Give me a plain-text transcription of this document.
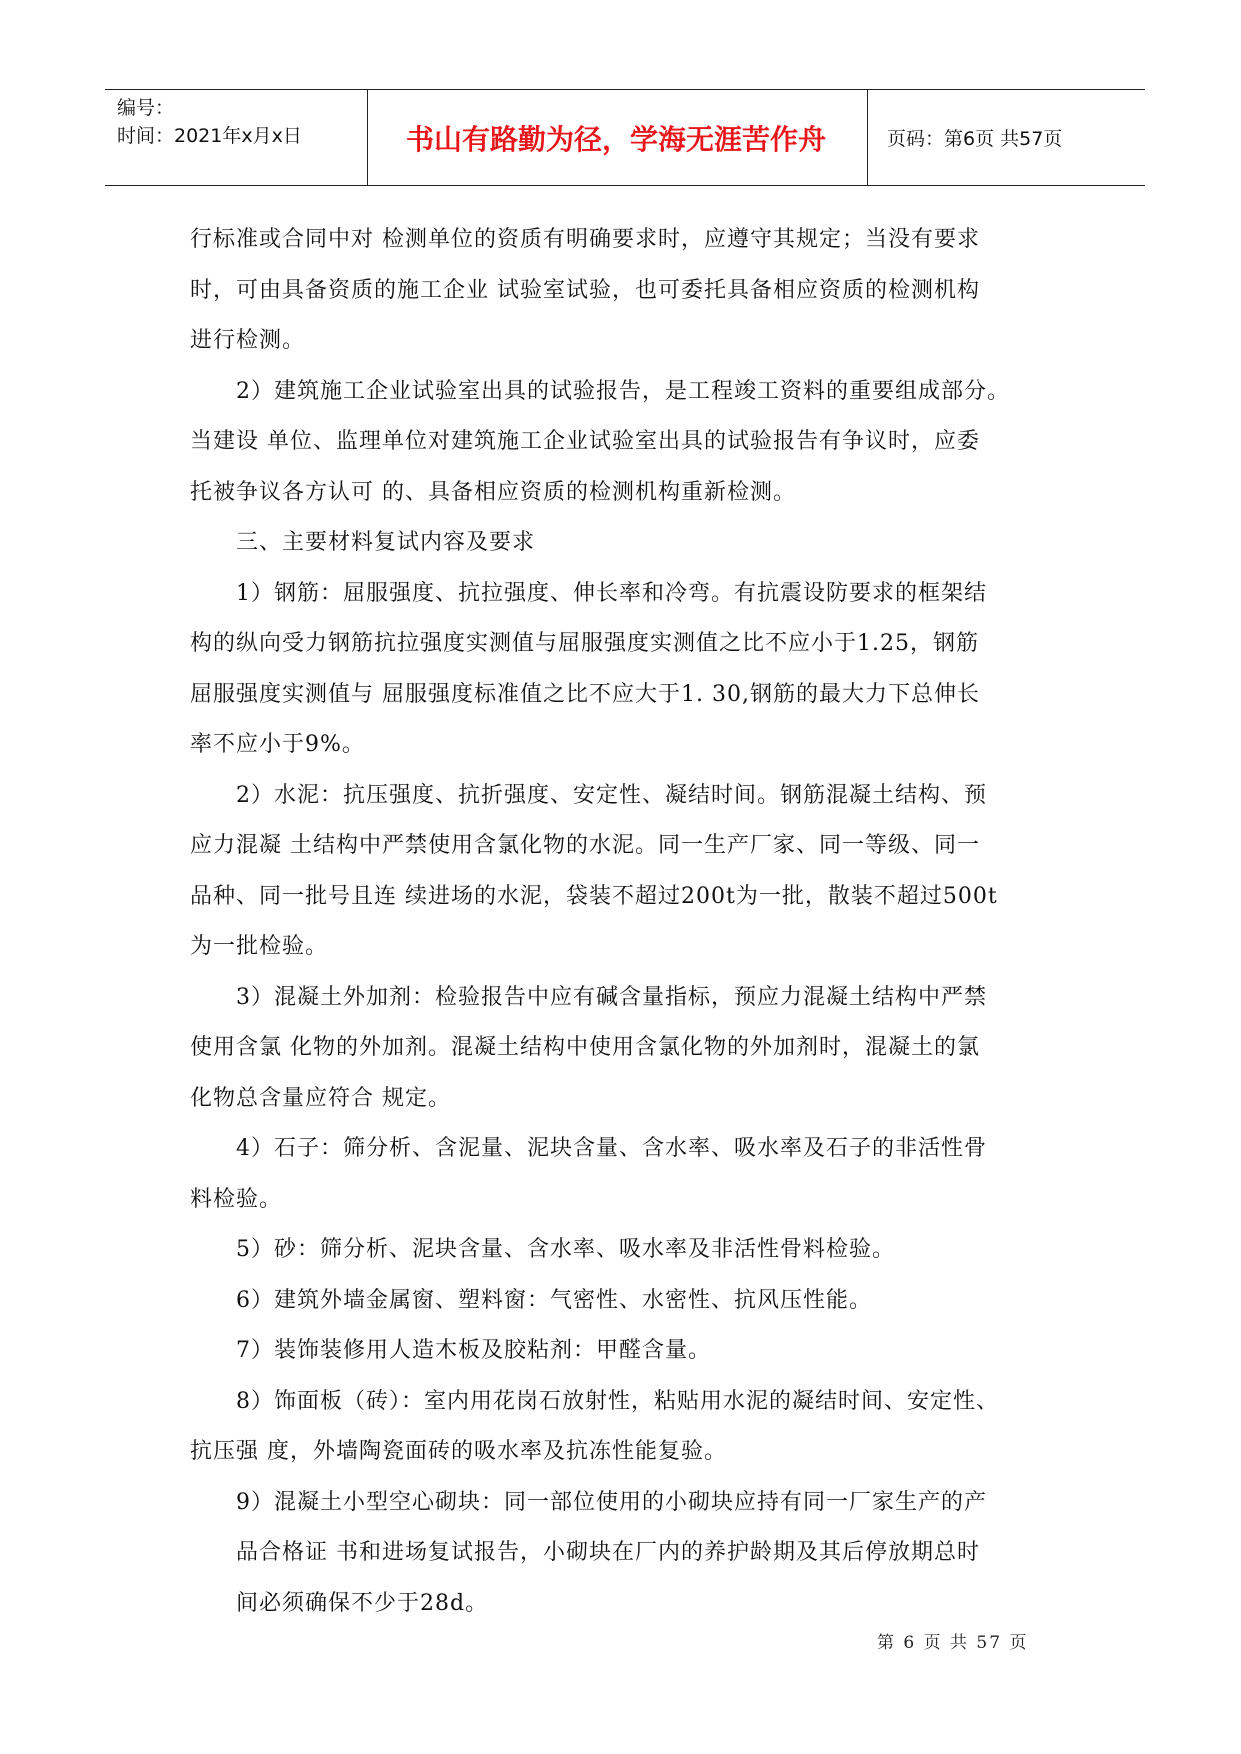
编号：
时间：2021年x月x日	书山有路勤为径，学海无涯苦作舟	页码：第6页 共57页

行标准或合同中对 检测单位的资质有明确要求时，应遵守其规定；当没有要求

时，可由具备资质的施工企业 试验室试验，也可委托具备相应资质的检测机构

进行检测。

　　2）建筑施工企业试验室出具的试验报告，是工程竣工资料的重要组成部分。

当建设 单位、监理单位对建筑施工企业试验室出具的试验报告有争议时，应委

托被争议各方认可 的、具备相应资质的检测机构重新检测。

　　三、主要材料复试内容及要求

　　1）钢筋：屈服强度、抗拉强度、伸长率和冷弯。有抗震设防要求的框架结

构的纵向受力钢筋抗拉强度实测值与屈服强度实测值之比不应小于1.25，钢筋

屈服强度实测值与 屈服强度标准值之比不应大于1. 30,钢筋的最大力下总伸长

率不应小于9%。

　　2）水泥：抗压强度、抗折强度、安定性、凝结时间。钢筋混凝土结构、预

应力混凝 土结构中严禁使用含氯化物的水泥。同一生产厂家、同一等级、同一

品种、同一批号且连 续进场的水泥，袋装不超过200t为一批，散装不超过500t

为一批检验。

　　3）混凝土外加剂：检验报告中应有碱含量指标，预应力混凝土结构中严禁

使用含氯 化物的外加剂。混凝土结构中使用含氯化物的外加剂时，混凝土的氯

化物总含量应符合 规定。

　　4）石子：筛分析、含泥量、泥块含量、含水率、吸水率及石子的非活性骨

料检验。

　　5）砂：筛分析、泥块含量、含水率、吸水率及非活性骨料检验。

　　6）建筑外墙金属窗、塑料窗：气密性、水密性、抗风压性能。

　　7）装饰装修用人造木板及胶粘剂：甲醛含量。

　　8）饰面板（砖）：室内用花岗石放射性，粘贴用水泥的凝结时间、安定性、

抗压强 度，外墙陶瓷面砖的吸水率及抗冻性能复验。

　　9）混凝土小型空心砌块：同一部位使用的小砌块应持有同一厂家生产的产

　　品合格证 书和进场复试报告，小砌块在厂内的养护龄期及其后停放期总时

　　间必须确保不少于28d。

第 6 页 共 57 页
